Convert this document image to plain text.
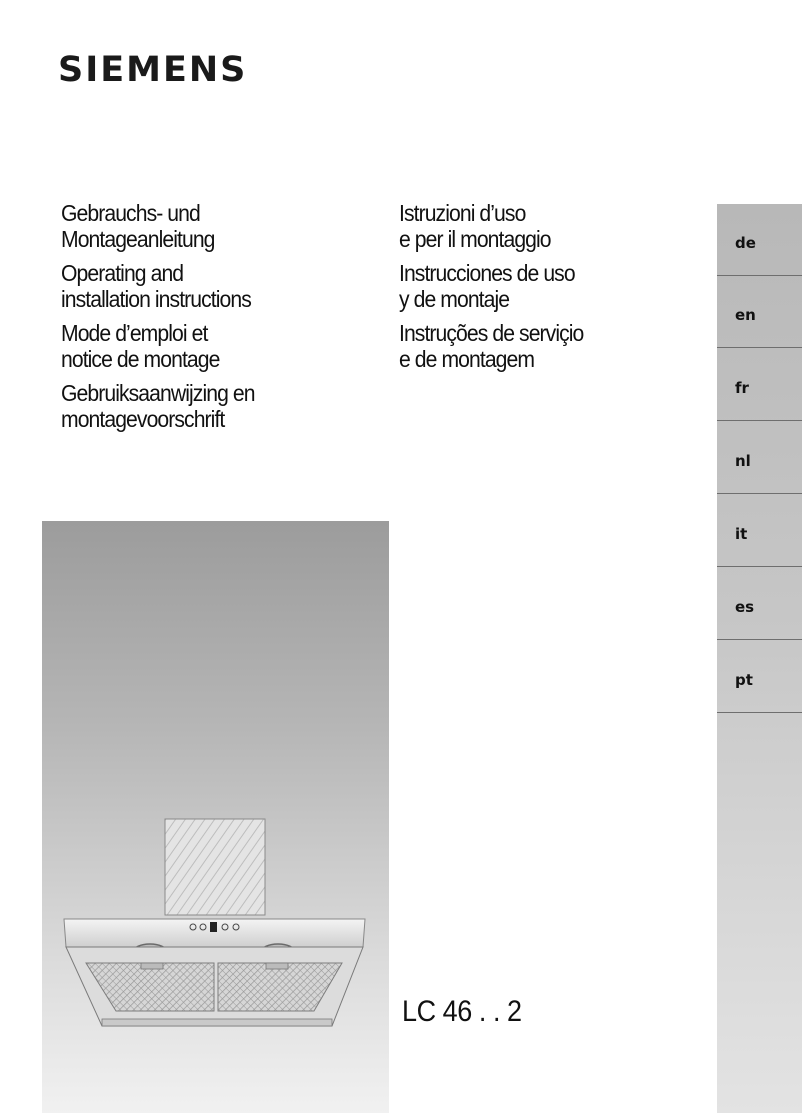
SIEMENS
Gebrauchs- und
Montageanleitung
Operating and
installation instructions
Mode d’emploi et
notice de montage
Gebruiksaanwijzing en
montagevoorschrift
Istruzioni d’uso
e per il montaggio
Instrucciones de uso
y de montaje
Instruções de serviçio
e de montagem
de
en
fr
nl
it
es
pt
LC 46 . . 2
